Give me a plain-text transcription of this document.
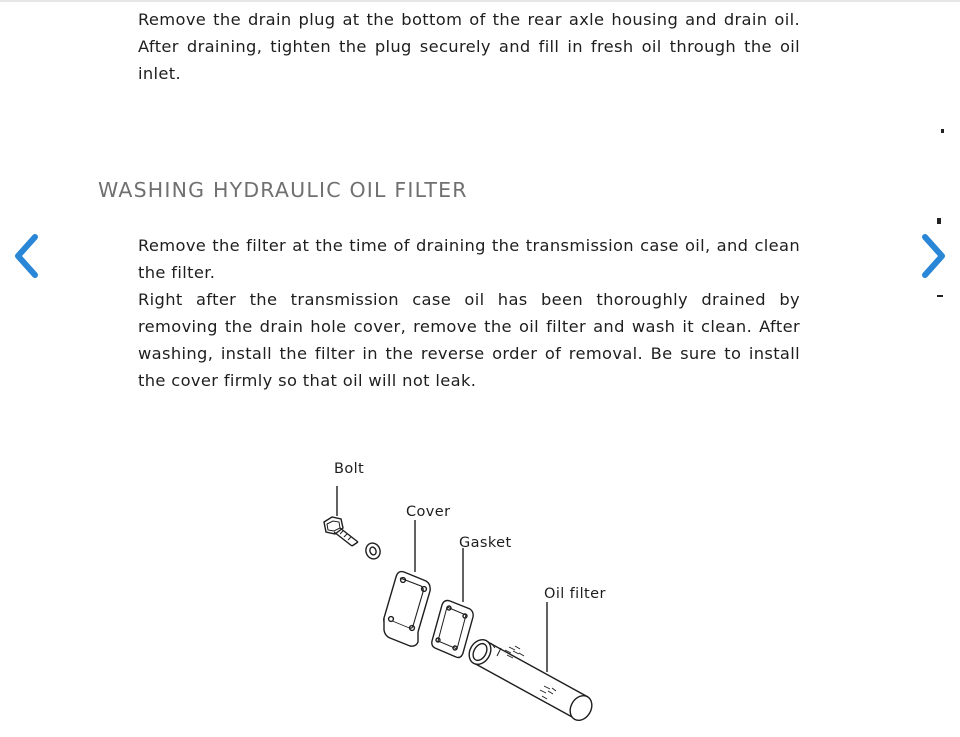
Remove the drain plug at the bottom of the rear axle housing and drain oil. After draining, tighten the plug securely and fill in fresh oil through the oil inlet.

WASHING HYDRAULIC OIL FILTER

Remove the filter at the time of draining the transmission case oil, and clean the filter.

Right after the transmission case oil has been thoroughly drained by removing the drain hole cover, remove the oil filter and wash it clean. After washing, install the filter in the reverse order of removal. Be sure to install the cover firmly so that oil will not leak.

Bolt
Cover
Gasket
Oil filter
